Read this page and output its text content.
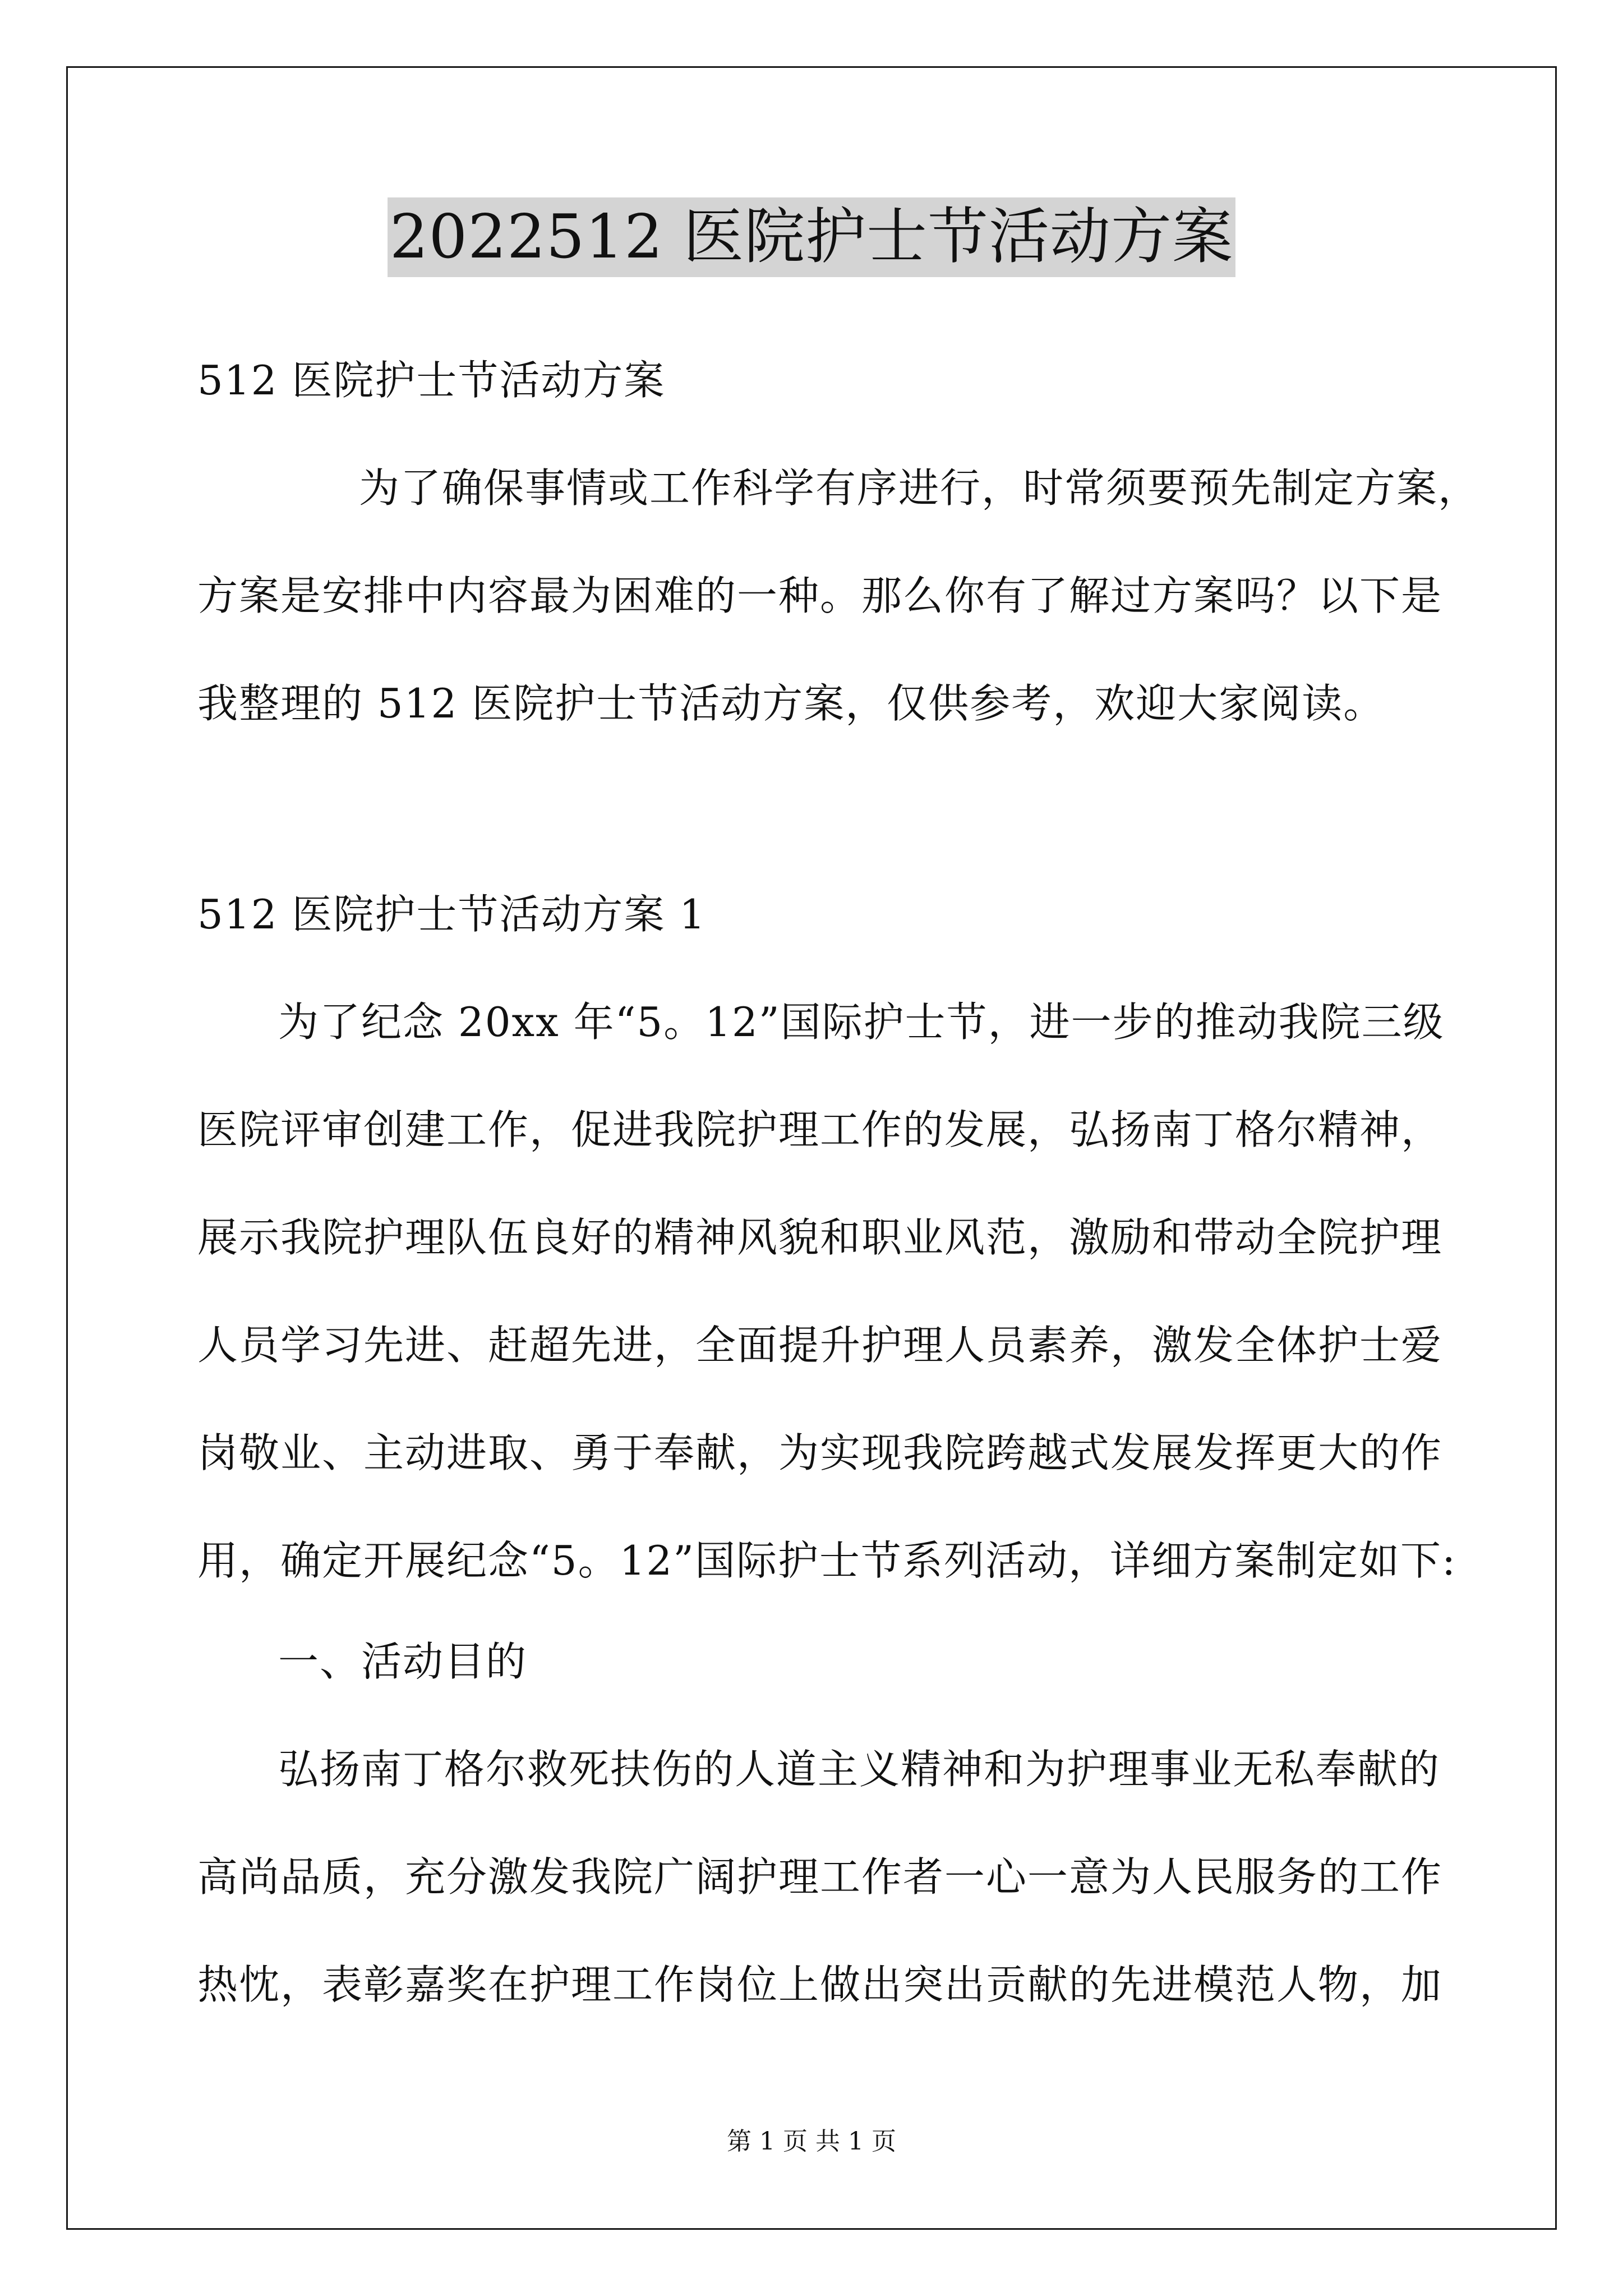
2022512 医院护士节活动方案
512 医院护士节活动方案
为了确保事情或工作科学有序进行，时常须要预先制定方案，
方案是安排中内容最为困难的一种。那么你有了解过方案吗？以下是
我整理的 512 医院护士节活动方案，仅供参考，欢迎大家阅读。
512 医院护士节活动方案 1
为了纪念 20xx 年“5。12”国际护士节，进一步的推动我院三级
医院评审创建工作，促进我院护理工作的发展，弘扬南丁格尔精神，
展示我院护理队伍良好的精神风貌和职业风范，激励和带动全院护理
人员学习先进、赶超先进，全面提升护理人员素养，激发全体护士爱
岗敬业、主动进取、勇于奉献，为实现我院跨越式发展发挥更大的作
用，确定开展纪念“5。12”国际护士节系列活动，详细方案制定如下:
一、活动目的
弘扬南丁格尔救死扶伤的人道主义精神和为护理事业无私奉献的
高尚品质，充分激发我院广阔护理工作者一心一意为人民服务的工作
热忱，表彰嘉奖在护理工作岗位上做出突出贡献的先进模范人物，加
第 1 页 共 1 页
